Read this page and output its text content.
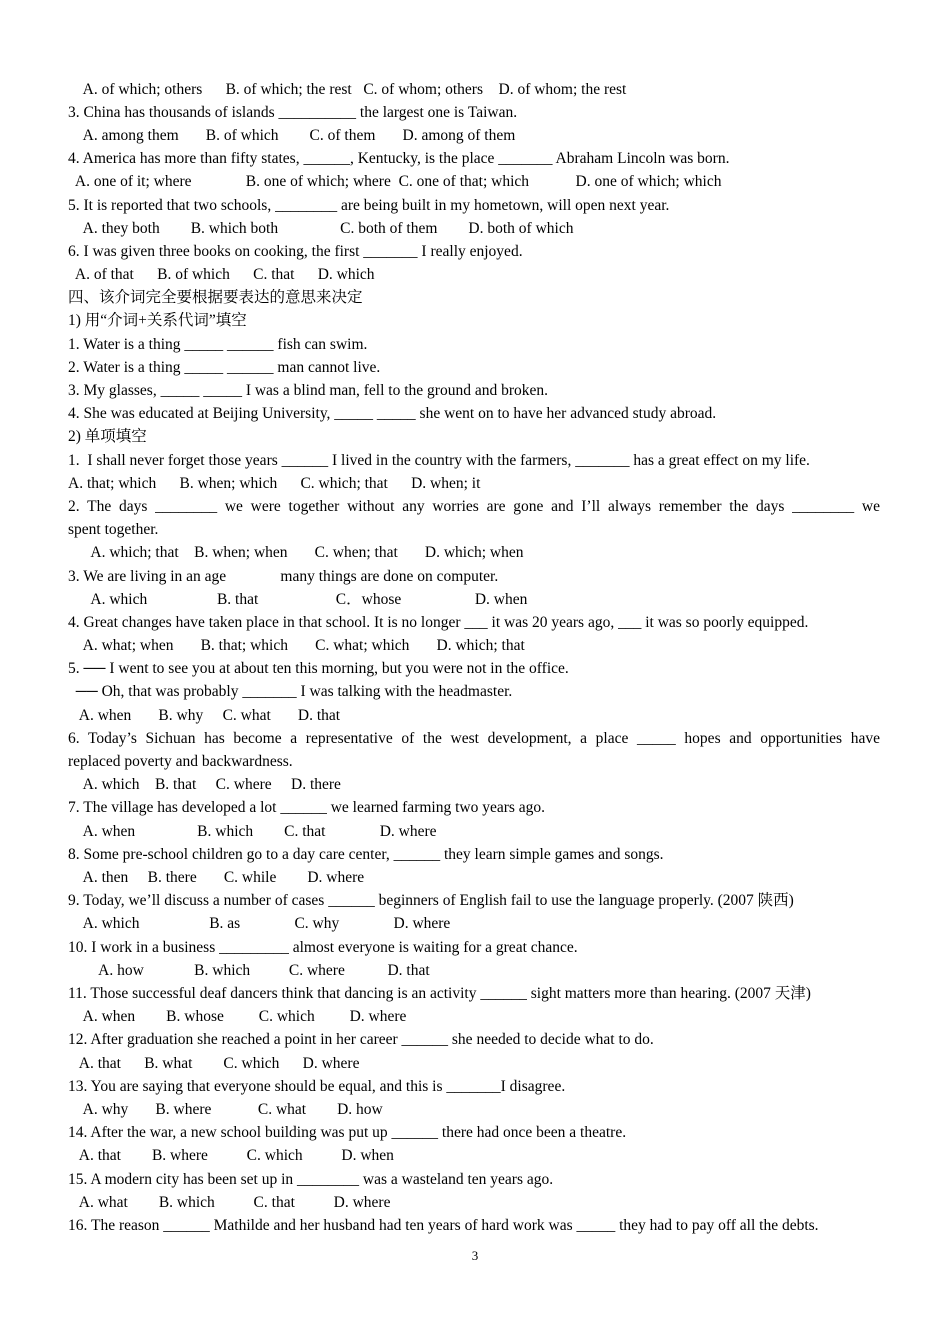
A. of which; others      B. of which; the rest   C. of whom; others    D. of whom; the rest
3. China has thousands of islands __________ the largest one is Taiwan.
A. among them       B. of which        C. of them       D. among of them
4. America has more than fifty states, ______, Kentucky, is the place _______ Abraham Lincoln was born.
A. one of it; where              B. one of which; where  C. one of that; which            D. one of which; which
5. It is reported that two schools, ________ are being built in my hometown, will open next year.
A. they both        B. which both                C. both of them        D. both of which
6. I was given three books on cooking, the first _______ I really enjoyed.
A. of that      B. of which      C. that      D. which
四、该介词完全要根据要表达的意思来决定
1) 用“介词+关系代词”填空
1. Water is a thing _____ ______ fish can swim.
2. Water is a thing _____ ______ man cannot live.
3. My glasses, _____ _____ I was a blind man, fell to the ground and broken.
4. She was educated at Beijing University, _____ _____ she went on to have her advanced study abroad.
2) 单项填空
1.  I shall never forget those years ______ I lived in the country with the farmers, _______ has a great effect on my life.
A. that; which      B. when; which      C. which; that      D. when; it
2. The days ________ we were together without any worries are gone and I’ll always remember the days ________ we
spent together.
A. which; that    B. when; when       C. when; that       D. which; when
3. We are living in an age              many things are done on computer.
A. which                  B. that                    C．whose                   D. when
4. Great changes have taken place in that school. It is no longer ___ it was 20 years ago, ___ it was so poorly equipped.
A. what; when       B. that; which       C. what; which       D. which; that
5. ── I went to see you at about ten this morning, but you were not in the office.
── Oh, that was probably _______ I was talking with the headmaster.
A. when       B. why     C. what       D. that
6. Today’s Sichuan has become a representative of the west development, a place _____ hopes and opportunities have
replaced poverty and backwardness.
A. which    B. that     C. where     D. there
7. The village has developed a lot ______ we learned farming two years ago.
A. when                B. which        C. that              D. where
8. Some pre-school children go to a day care center, ______ they learn simple games and songs.
A. then     B. there       C. while        D. where
9. Today, we’ll discuss a number of cases ______ beginners of English fail to use the language properly. (2007 陕西)
A. which                  B. as              C. why              D. where
10. I work in a business _________ almost everyone is waiting for a great chance.
A. how             B. which          C. where           D. that
11. Those successful deaf dancers think that dancing is an activity ______ sight matters more than hearing. (2007 天津)
A. when        B. whose         C. which         D. where
12. After graduation she reached a point in her career ______ she needed to decide what to do.
A. that      B. what        C. which      D. where
13. You are saying that everyone should be equal, and this is _______I disagree.
A. why       B. where            C. what        D. how
14. After the war, a new school building was put up ______ there had once been a theatre.
A. that        B. where          C. which          D. when
15. A modern city has been set up in ________ was a wasteland ten years ago.
A. what        B. which          C. that          D. where
16. The reason ______ Mathilde and her husband had ten years of hard work was _____ they had to pay off all the debts.
3
